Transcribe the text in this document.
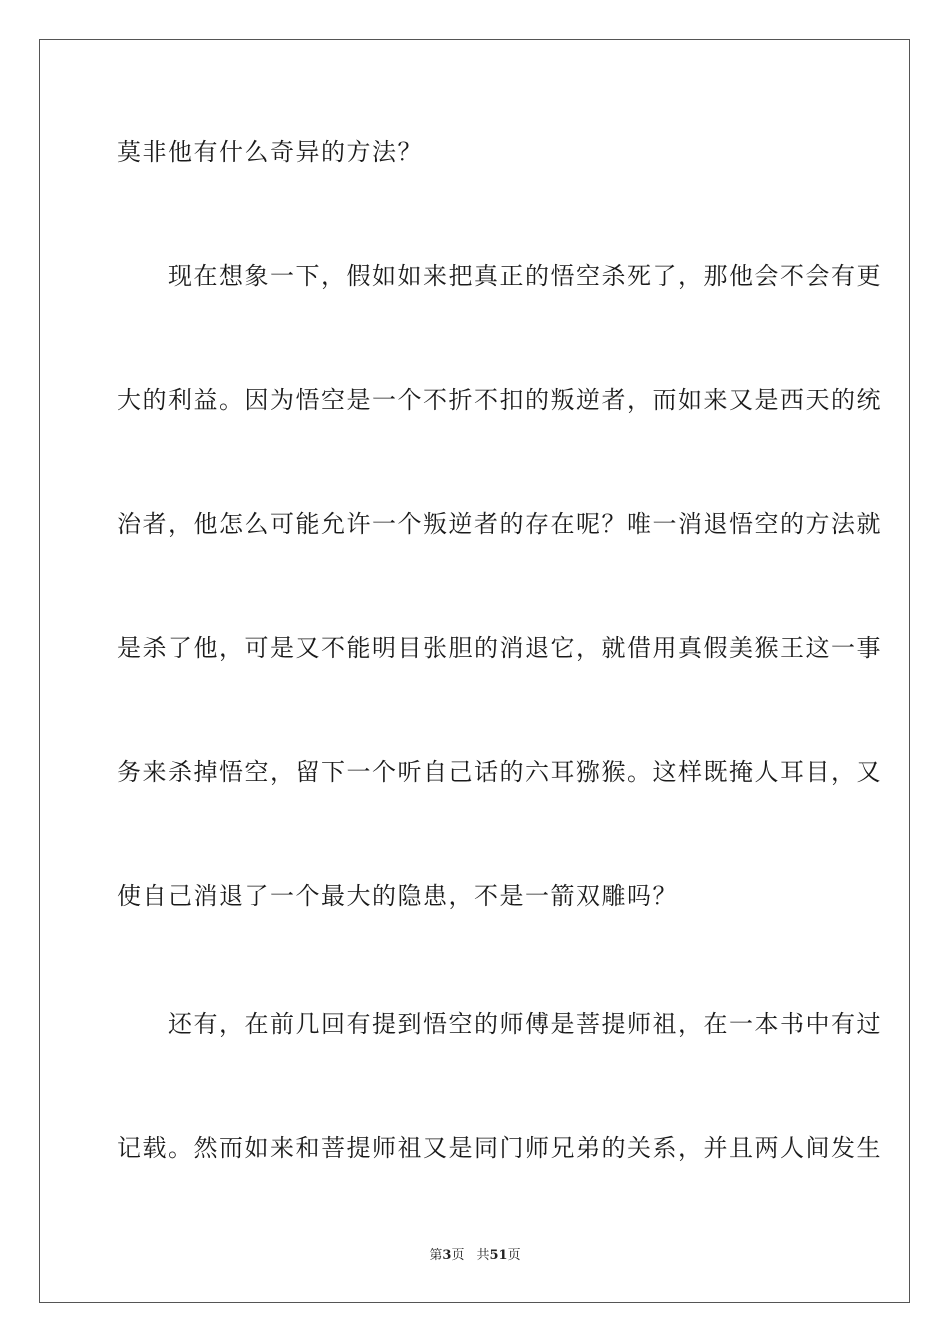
莫非他有什么奇异的方法？
　　现在想象一下，假如如来把真正的悟空杀死了，那他会不会有更
大的利益。因为悟空是一个不折不扣的叛逆者，而如来又是西天的统
治者，他怎么可能允许一个叛逆者的存在呢？唯一消退悟空的方法就
是杀了他，可是又不能明目张胆的消退它，就借用真假美猴王这一事
务来杀掉悟空，留下一个听自己话的六耳猕猴。这样既掩人耳目，又
使自己消退了一个最大的隐患，不是一箭双雕吗？
　　还有，在前几回有提到悟空的师傅是菩提师祖，在一本书中有过
记载。然而如来和菩提师祖又是同门师兄弟的关系，并且两人间发生
第3页 共51页
